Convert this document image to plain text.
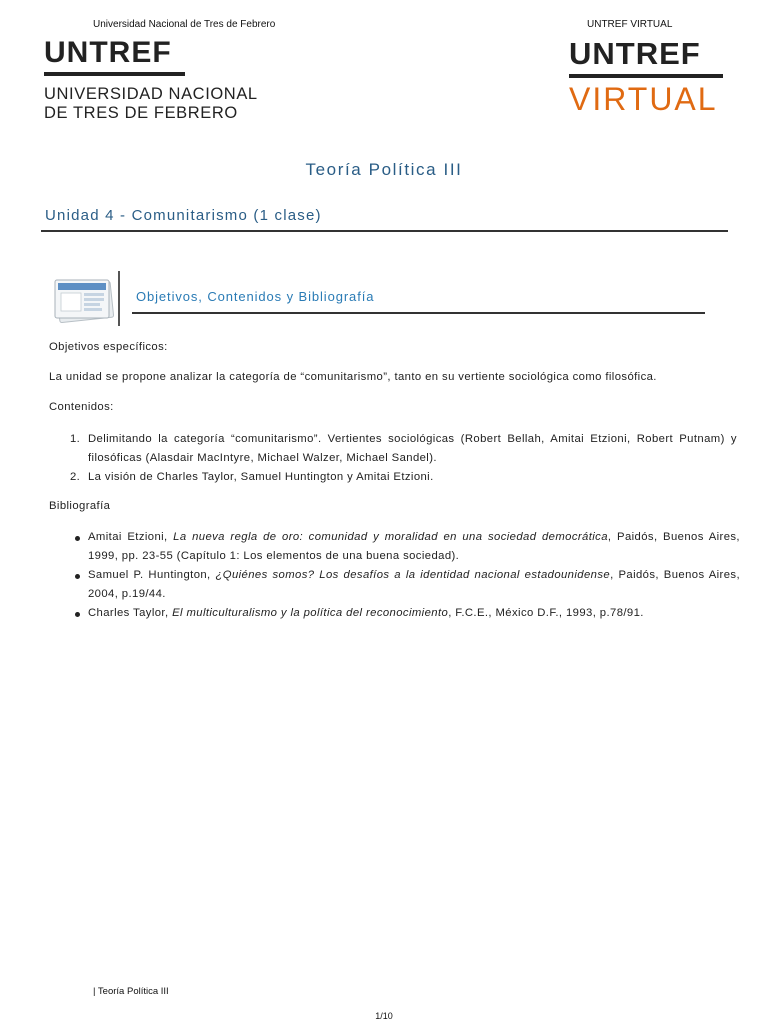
Universidad Nacional de Tres de Febrero	UNTREF VIRTUAL
UNTREF
UNIVERSIDAD NACIONAL
DE TRES DE FEBRERO
UNTREF
VIRTUAL
Teoría Política III
Unidad 4 - Comunitarismo (1 clase)
Objetivos, Contenidos y Bibliografía
Objetivos específicos:
La unidad se propone analizar la categoría de “comunitarismo”, tanto en su vertiente sociológica como filosófica.
Contenidos:
1. Delimitando la categoría “comunitarismo”. Vertientes sociológicas (Robert Bellah, Amitai Etzioni, Robert Putnam) y filosóficas (Alasdair MacIntyre, Michael Walzer, Michael Sandel).
2. La visión de Charles Taylor, Samuel Huntington y Amitai Etzioni.
Bibliografía
Amitai Etzioni, La nueva regla de oro: comunidad y moralidad en una sociedad democrática, Paidós, Buenos Aires, 1999, pp. 23-55 (Capítulo 1: Los elementos de una buena sociedad).
Samuel P. Huntington, ¿Quiénes somos? Los desafíos a la identidad nacional estadounidense, Paidós, Buenos Aires, 2004, p.19/44.
Charles Taylor, El multiculturalismo y la política del reconocimiento, F.C.E., México D.F., 1993, p.78/91.
| Teoría Política III
1/10
